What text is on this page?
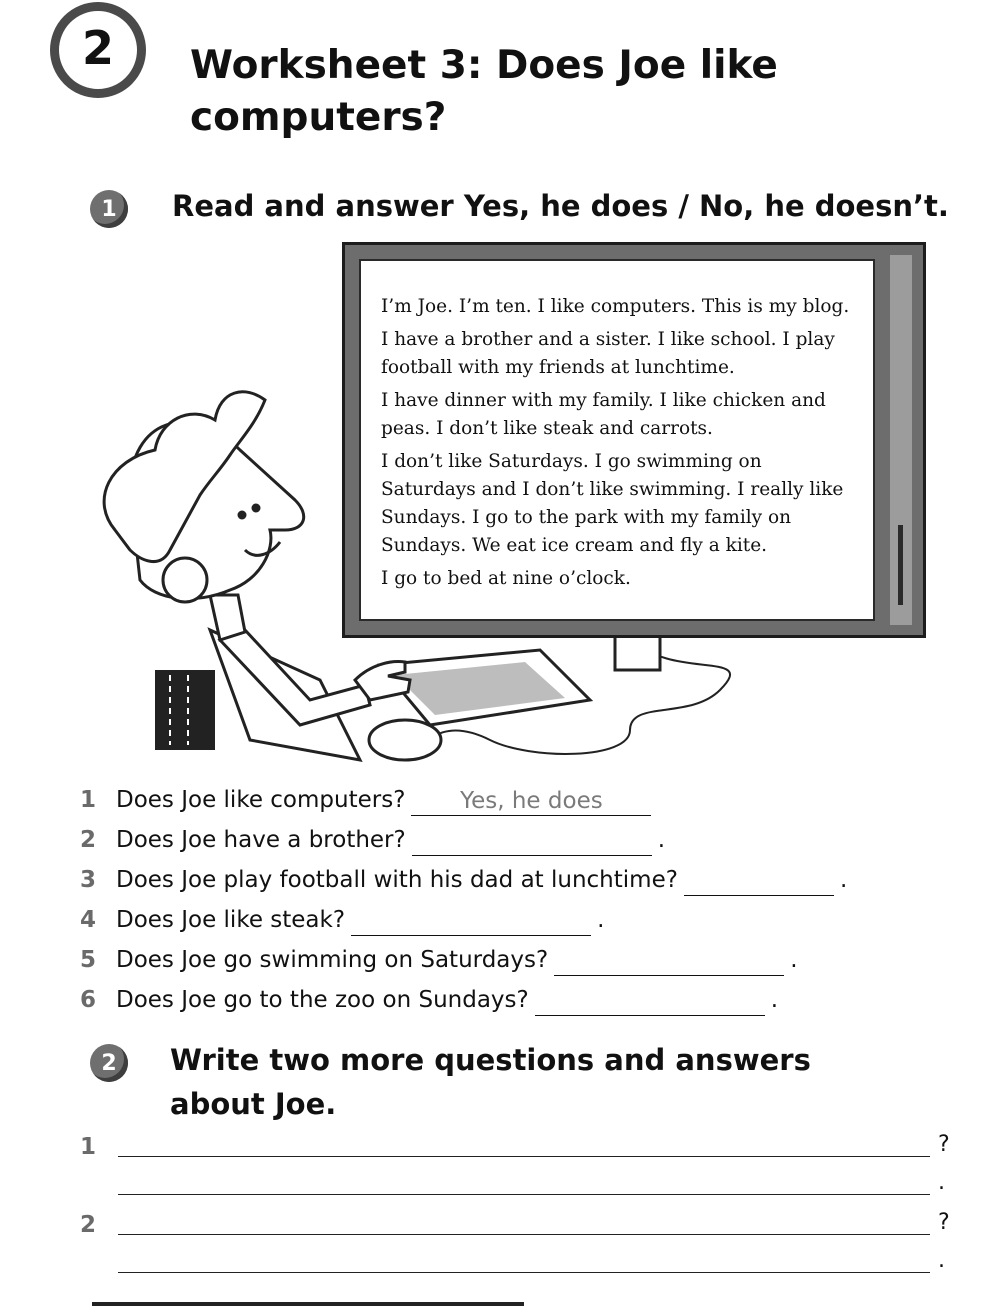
2 Worksheet 3: Does Joe like computers?
1 Read and answer Yes, he does / No, he doesn’t.

I’m Joe. I’m ten. I like computers. This is my blog.

I have a brother and a sister. I like school. I play football with my friends at lunchtime.

I have dinner with my family. I like chicken and peas. I don’t like steak and carrots.

I don’t like Saturdays. I go swimming on Saturdays and I don’t like swimming. I really like Sundays. I go to the park with my family on Sundays. We eat ice cream and fly a kite.

I go to bed at nine o’clock.

1 Does Joe like computers?	Yes, he does
2 Does Joe have a brother?	.
3 Does Joe play football with his dad at lunchtime?	.
4 Does Joe like steak?	.
5 Does Joe go swimming on Saturdays?	.
6 Does Joe go to the zoo on Sundays?	.
2 Write two more questions and answers about Joe.
1	?
.
2	?
.
